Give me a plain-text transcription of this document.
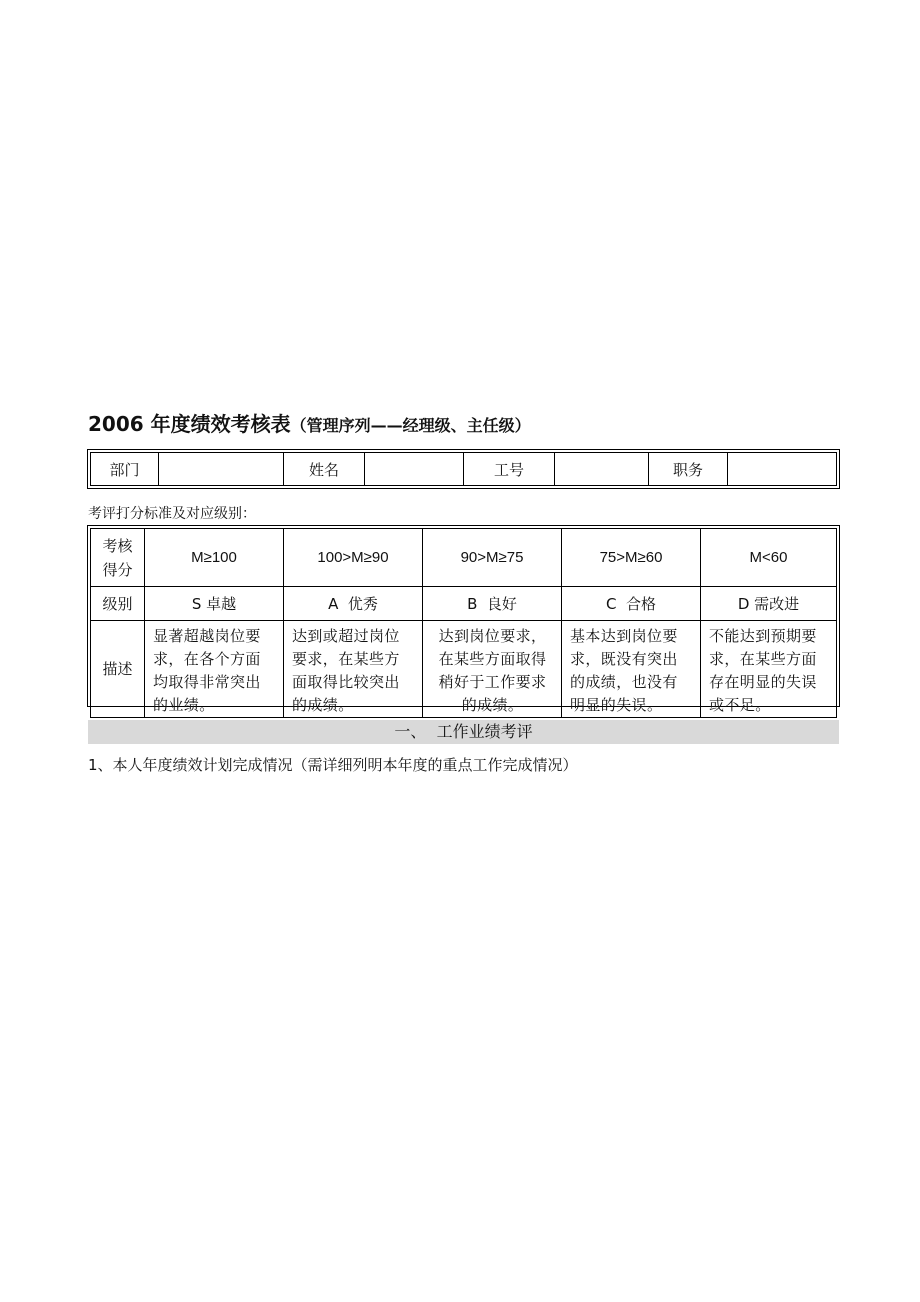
2006 年度绩效考核表（管理序列——经理级、主任级）
部门		姓名		工号		职务	
考评打分标准及对应级别：
考核
得分	M≥100	100>M≥90	90>M≥75	75>M≥60	M<60
级别	S 卓越	A  优秀	B  良好	C  合格	D 需改进
描述	显著超越岗位要求，在各个方面均取得非常突出的业绩。	达到或超过岗位要求，在某些方面取得比较突出的成绩。	达到岗位要求，在某些方面取得稍好于工作要求的成绩。	基本达到岗位要求，既没有突出的成绩，也没有明显的失误。	不能达到预期要求，在某些方面存在明显的失误或不足。
一、  工作业绩考评
1、本人年度绩效计划完成情况（需详细列明本年度的重点工作完成情况）
